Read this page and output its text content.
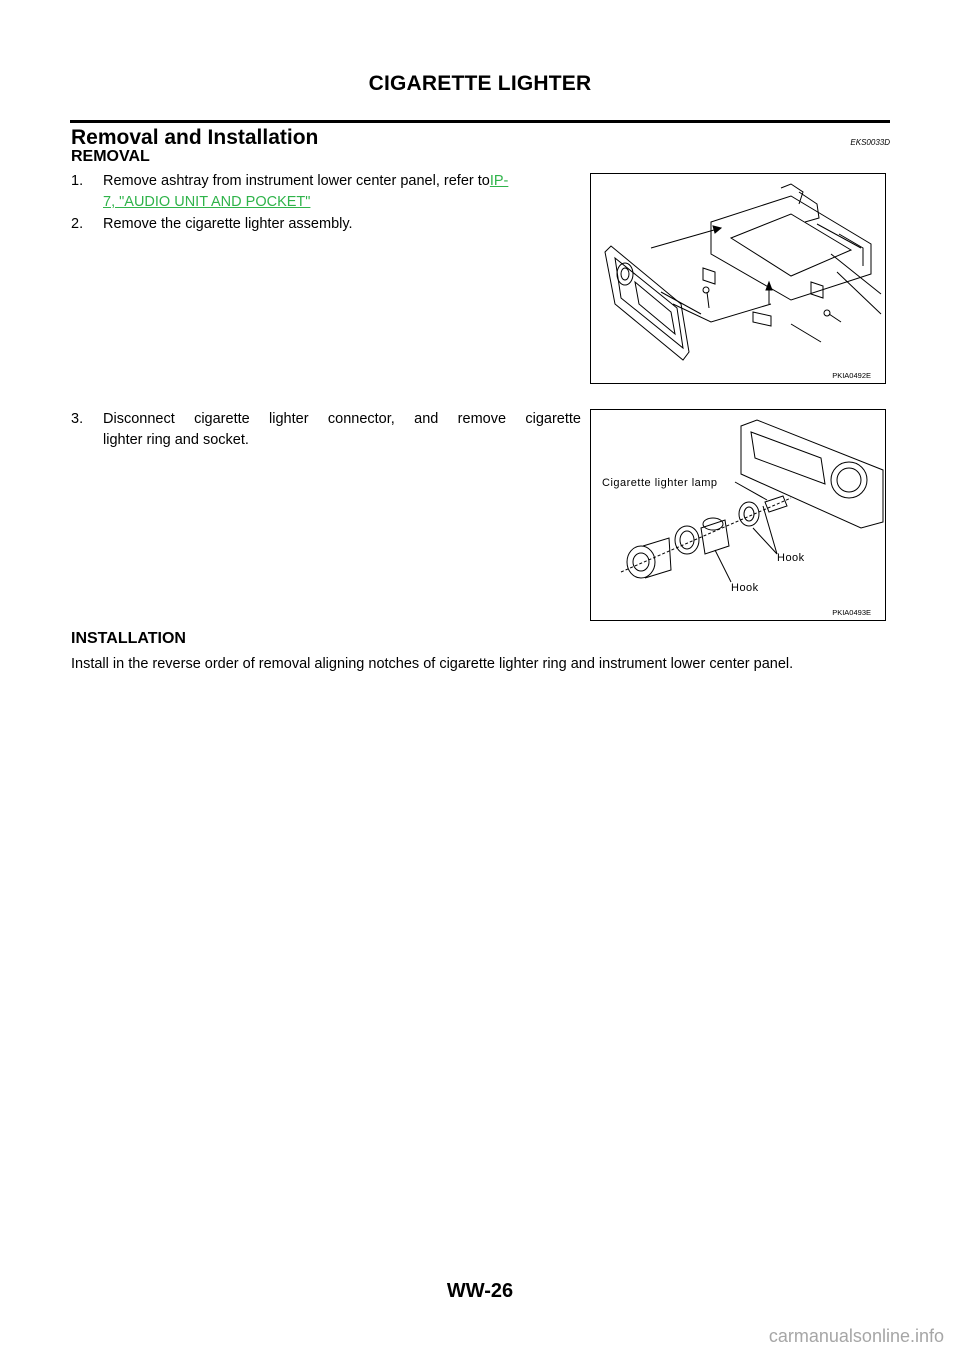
CIGARETTE LIGHTER
Removal and Installation	EKS0033D
REMOVAL
1. Remove ashtray from instrument lower center panel, refer toIP-
7, "AUDIO UNIT AND POCKET"
2. Remove the cigarette lighter assembly.
3. Disconnect cigarette lighter connector, and remove cigarette
lighter ring and socket.
PKIA0492E
Cigarette lighter lamp
Hook
Hook
PKIA0493E
INSTALLATION
Install in the reverse order of removal aligning notches of cigarette lighter ring and instrument lower center panel.
WW-26
carmanualsonline.info
